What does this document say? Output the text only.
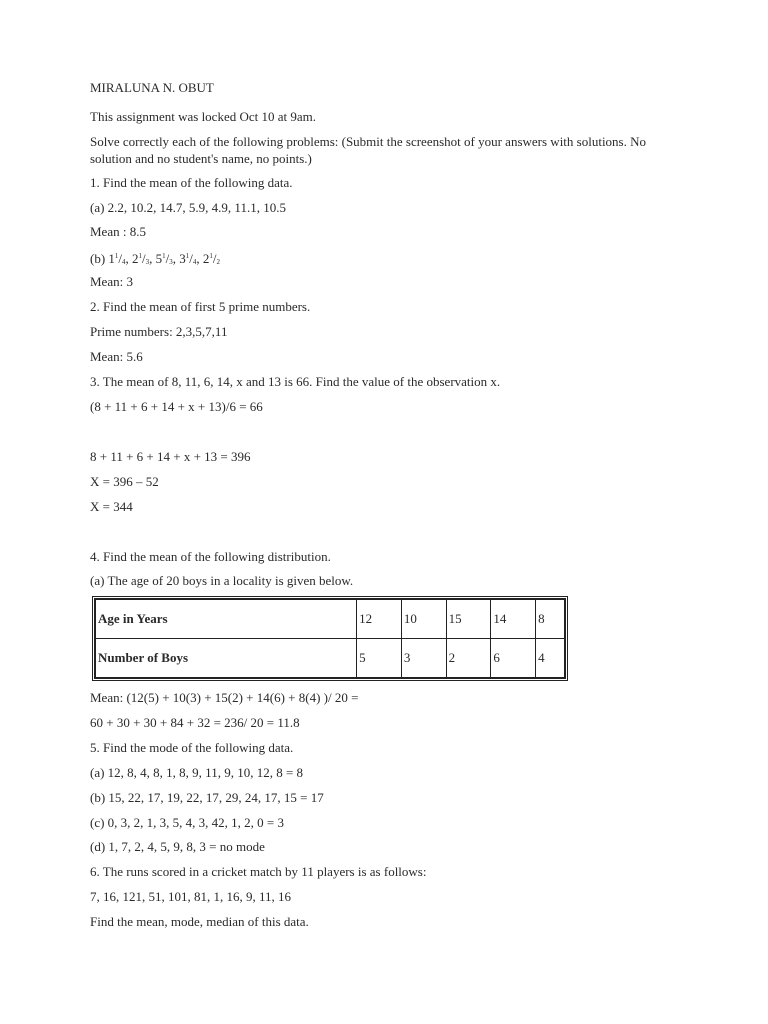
MIRALUNA N. OBUT
This assignment was locked Oct 10 at 9am.
Solve correctly each of the following problems: (Submit the screenshot of your answers with solutions. No solution and no student's name, no points.)
1. Find the mean of the following data.
(a) 2.2, 10.2, 14.7, 5.9, 4.9, 11.1, 10.5
Mean : 8.5
(b) $1^1/_4$, $2^1/_3$, $5^1/_3$, $3^1/_4$, $2^1/_2$
Mean: 3
2. Find the mean of first 5 prime numbers.
Prime numbers: 2,3,5,7,11
Mean: 5.6
3. The mean of 8, 11, 6, 14, x and 13 is 66. Find the value of the observation x.
(8 + 11 + 6 + 14 + x + 13)/6 = 66
8 + 11 + 6 + 14 + x + 13 = 396
X = 396 – 52
X = 344
4. Find the mean of the following distribution.
(a) The age of 20 boys in a locality is given below.
Age in Years	12	10	15	14	8
Number of Boys	5	3	2	6	4
Mean: (12(5) + 10(3) + 15(2) + 14(6) + 8(4) )/ 20 =
60 + 30 + 30 + 84 + 32 = 236/ 20 = 11.8
5. Find the mode of the following data.
(a) 12, 8, 4, 8, 1, 8, 9, 11, 9, 10, 12, 8 = 8
(b) 15, 22, 17, 19, 22, 17, 29, 24, 17, 15 = 17
(c) 0, 3, 2, 1, 3, 5, 4, 3, 42, 1, 2, 0 = 3
(d) 1, 7, 2, 4, 5, 9, 8, 3 = no mode
6. The runs scored in a cricket match by 11 players is as follows:
7, 16, 121, 51, 101, 81, 1, 16, 9, 11, 16
Find the mean, mode, median of this data.
